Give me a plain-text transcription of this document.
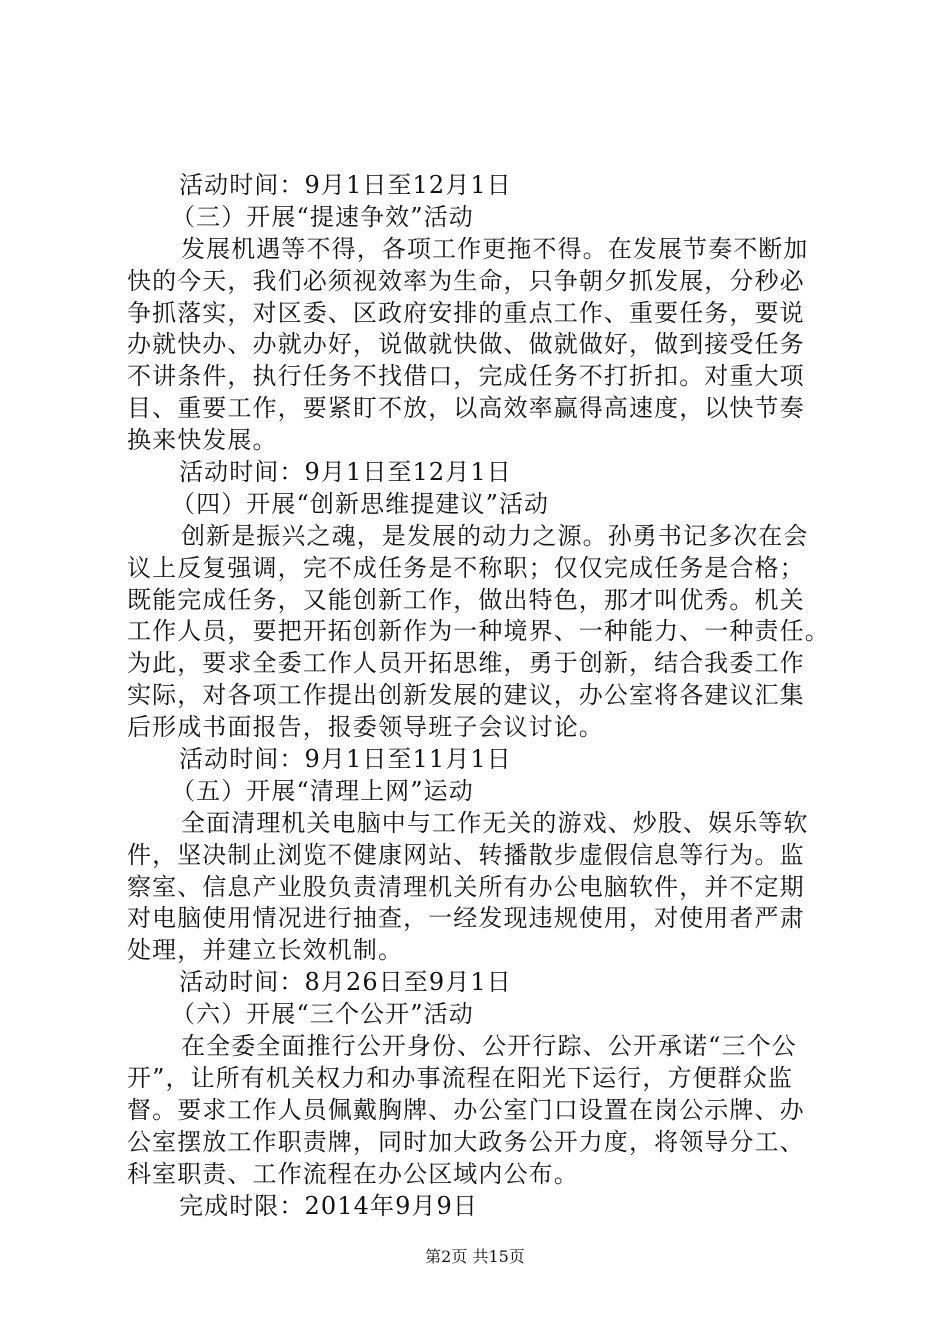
活动时间：9月1日至12月1日
（三）开展“提速争效”活动
发展机遇等不得，各项工作更拖不得。在发展节奏不断加
快的今天，我们必须视效率为生命，只争朝夕抓发展，分秒必
争抓落实，对区委、区政府安排的重点工作、重要任务，要说
办就快办、办就办好，说做就快做、做就做好，做到接受任务
不讲条件，执行任务不找借口，完成任务不打折扣。对重大项
目、重要工作，要紧盯不放，以高效率赢得高速度，以快节奏
换来快发展。
活动时间：9月1日至12月1日
（四）开展“创新思维提建议”活动
创新是振兴之魂，是发展的动力之源。孙勇书记多次在会
议上反复强调，完不成任务是不称职；仅仅完成任务是合格；
既能完成任务，又能创新工作，做出特色，那才叫优秀。机关
工作人员，要把开拓创新作为一种境界、一种能力、一种责任。
为此，要求全委工作人员开拓思维，勇于创新，结合我委工作
实际，对各项工作提出创新发展的建议，办公室将各建议汇集
后形成书面报告，报委领导班子会议讨论。
活动时间：9月1日至11月1日
（五）开展“清理上网”运动
全面清理机关电脑中与工作无关的游戏、炒股、娱乐等软
件，坚决制止浏览不健康网站、转播散步虚假信息等行为。监
察室、信息产业股负责清理机关所有办公电脑软件，并不定期
对电脑使用情况进行抽查，一经发现违规使用，对使用者严肃
处理，并建立长效机制。
活动时间：8月26日至9月1日
（六）开展“三个公开”活动
在全委全面推行公开身份、公开行踪、公开承诺“三个公
开”，让所有机关权力和办事流程在阳光下运行，方便群众监
督。要求工作人员佩戴胸牌、办公室门口设置在岗公示牌、办
公室摆放工作职责牌，同时加大政务公开力度，将领导分工、
科室职责、工作流程在办公区域内公布。
完成时限：2014年9月9日
第2页 共15页
